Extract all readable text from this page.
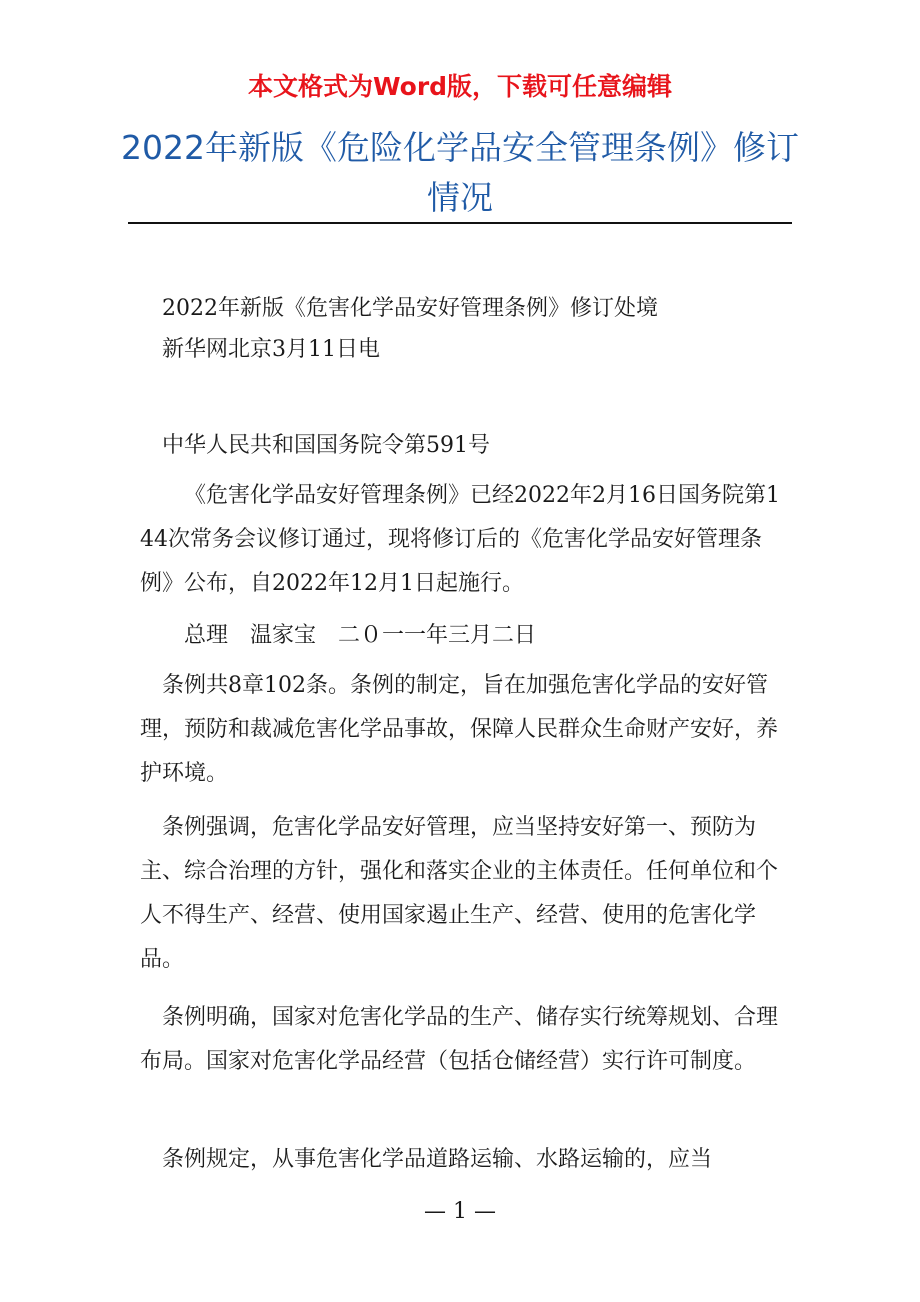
本文格式为Word版，下载可任意编辑
2022年新版《危险化学品安全管理条例》修订情况

2022年新版《危害化学品安好管理条例》修订处境

新华网北京3月11日电

中华人民共和国国务院令第591号

《危害化学品安好管理条例》已经2022年2月16日国务院第144次常务会议修订通过，现将修订后的《危害化学品安好管理条例》公布，自2022年12月1日起施行。

总理　温家宝　二０一一年三月二日

条例共8章102条。条例的制定，旨在加强危害化学品的安好管理，预防和裁减危害化学品事故，保障人民群众生命财产安好，养护环境。

条例强调，危害化学品安好管理，应当坚持安好第一、预防为主、综合治理的方针，强化和落实企业的主体责任。任何单位和个人不得生产、经营、使用国家遏止生产、经营、使用的危害化学品。

条例明确，国家对危害化学品的生产、储存实行统筹规划、合理布局。国家对危害化学品经营（包括仓储经营）实行许可制度。

条例规定，从事危害化学品道路运输、水路运输的，应当

— 1 —
